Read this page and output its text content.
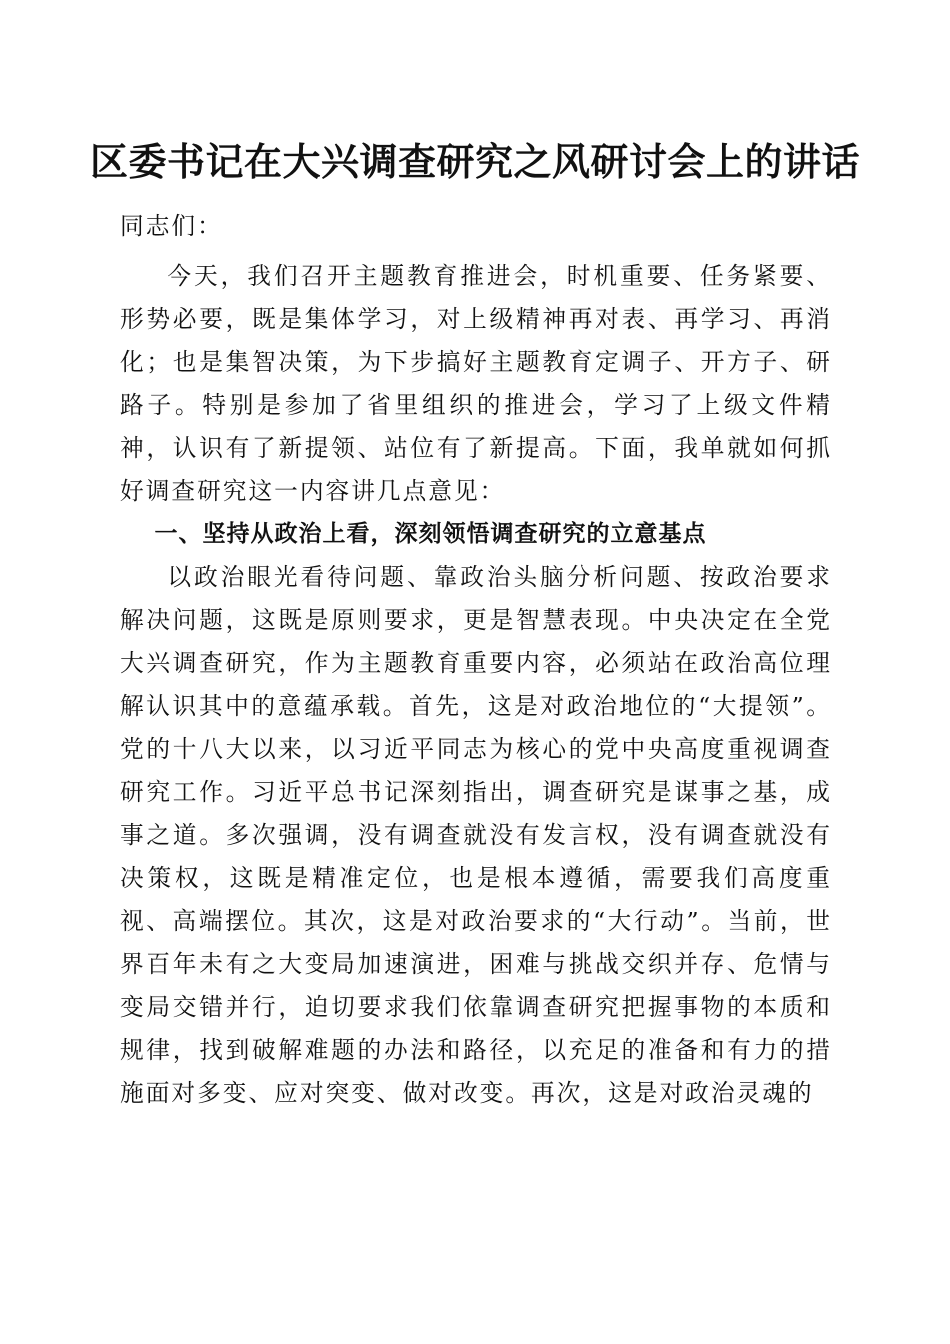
区委书记在大兴调查研究之风研讨会上的讲话

同志们：

今天，我们召开主题教育推进会，时机重要、任务紧要、形势必要，既是集体学习，对上级精神再对表、再学习、再消化；也是集智决策，为下步搞好主题教育定调子、开方子、研路子。特别是参加了省里组织的推进会，学习了上级文件精神，认识有了新提领、站位有了新提高。下面，我单就如何抓好调查研究这一内容讲几点意见：

一、坚持从政治上看，深刻领悟调查研究的立意基点

以政治眼光看待问题、靠政治头脑分析问题、按政治要求解决问题，这既是原则要求，更是智慧表现。中央决定在全党大兴调查研究，作为主题教育重要内容，必须站在政治高位理解认识其中的意蕴承载。首先，这是对政治地位的“大提领”。党的十八大以来，以习近平同志为核心的党中央高度重视调查研究工作。习近平总书记深刻指出，调查研究是谋事之基，成事之道。多次强调，没有调查就没有发言权，没有调查就没有决策权，这既是精准定位，也是根本遵循，需要我们高度重视、高端摆位。其次，这是对政治要求的“大行动”。当前，世界百年未有之大变局加速演进，困难与挑战交织并存、危情与变局交错并行，迫切要求我们依靠调查研究把握事物的本质和规律，找到破解难题的办法和路径，以充足的准备和有力的措施面对多变、应对突变、做对改变。再次，这是对政治灵魂的
